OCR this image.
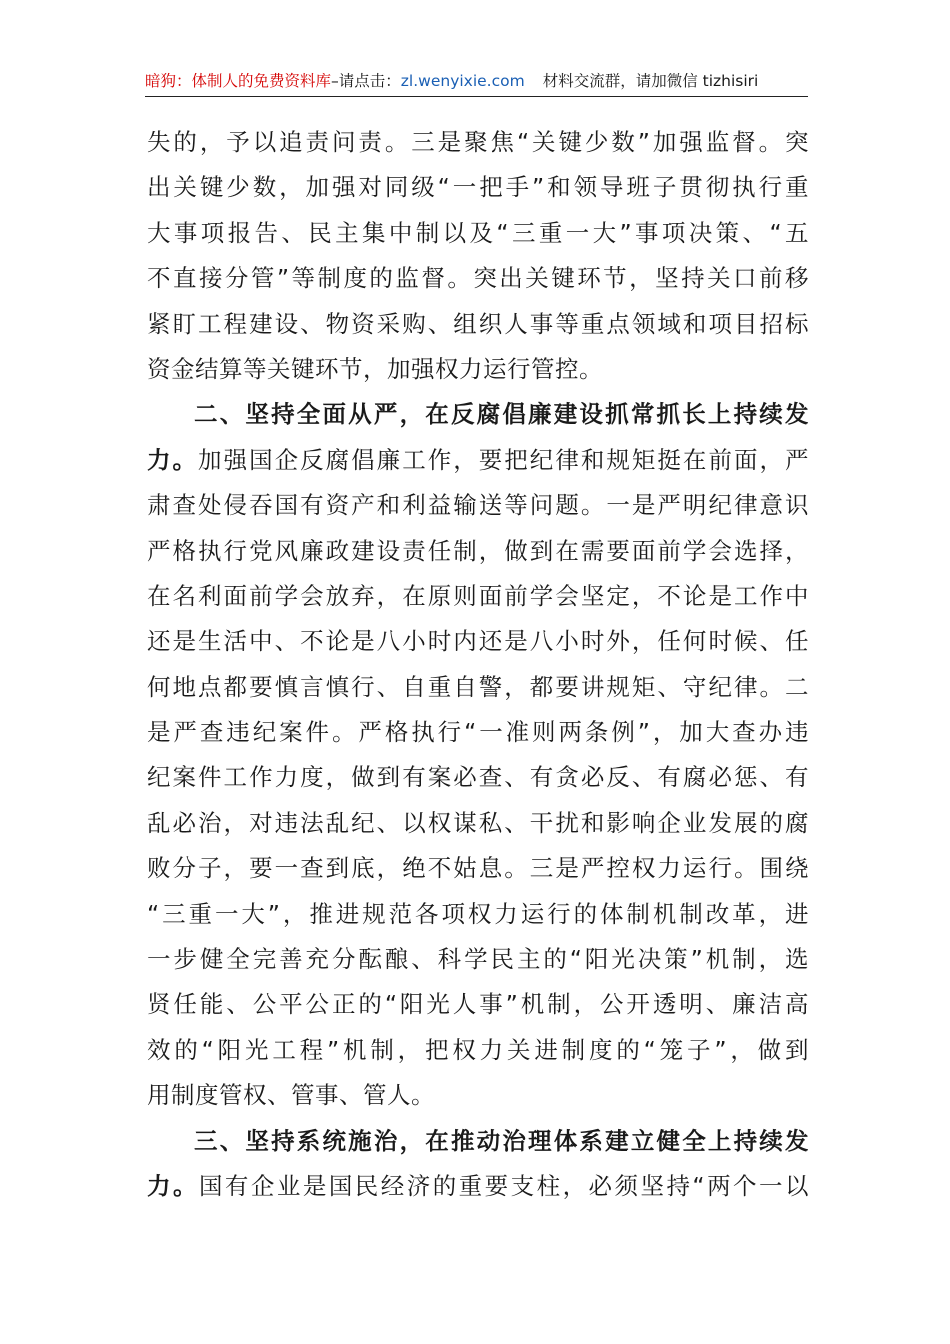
暗狗：体制人的免费资料库–请点击：zl.wenyixie.com 材料交流群，请加微信 tizhisiri
失的，予以追责问责。三是聚焦“关键少数”加强监督。突
出关键少数，加强对同级“一把手”和领导班子贯彻执行重
大事项报告、民主集中制以及“三重一大”事项决策、“五
不直接分管”等制度的监督。突出关键环节，坚持关口前移
紧盯工程建设、物资采购、组织人事等重点领域和项目招标
资金结算等关键环节，加强权力运行管控。
二、坚持全面从严，在反腐倡廉建设抓常抓长上持续发
力。加强国企反腐倡廉工作，要把纪律和规矩挺在前面，严
肃查处侵吞国有资产和利益输送等问题。一是严明纪律意识
严格执行党风廉政建设责任制，做到在需要面前学会选择，
在名利面前学会放弃，在原则面前学会坚定，不论是工作中
还是生活中、不论是八小时内还是八小时外，任何时候、任
何地点都要慎言慎行、自重自警，都要讲规矩、守纪律。二
是严查违纪案件。严格执行“一准则两条例”，加大查办违
纪案件工作力度，做到有案必查、有贪必反、有腐必惩、有
乱必治，对违法乱纪、以权谋私、干扰和影响企业发展的腐
败分子，要一查到底，绝不姑息。三是严控权力运行。围绕
“三重一大”，推进规范各项权力运行的体制机制改革，进
一步健全完善充分酝酿、科学民主的“阳光决策”机制，选
贤任能、公平公正的“阳光人事”机制，公开透明、廉洁高
效的“阳光工程”机制，把权力关进制度的“笼子”，做到
用制度管权、管事、管人。
三、坚持系统施治，在推动治理体系建立健全上持续发
力。国有企业是国民经济的重要支柱，必须坚持“两个一以
